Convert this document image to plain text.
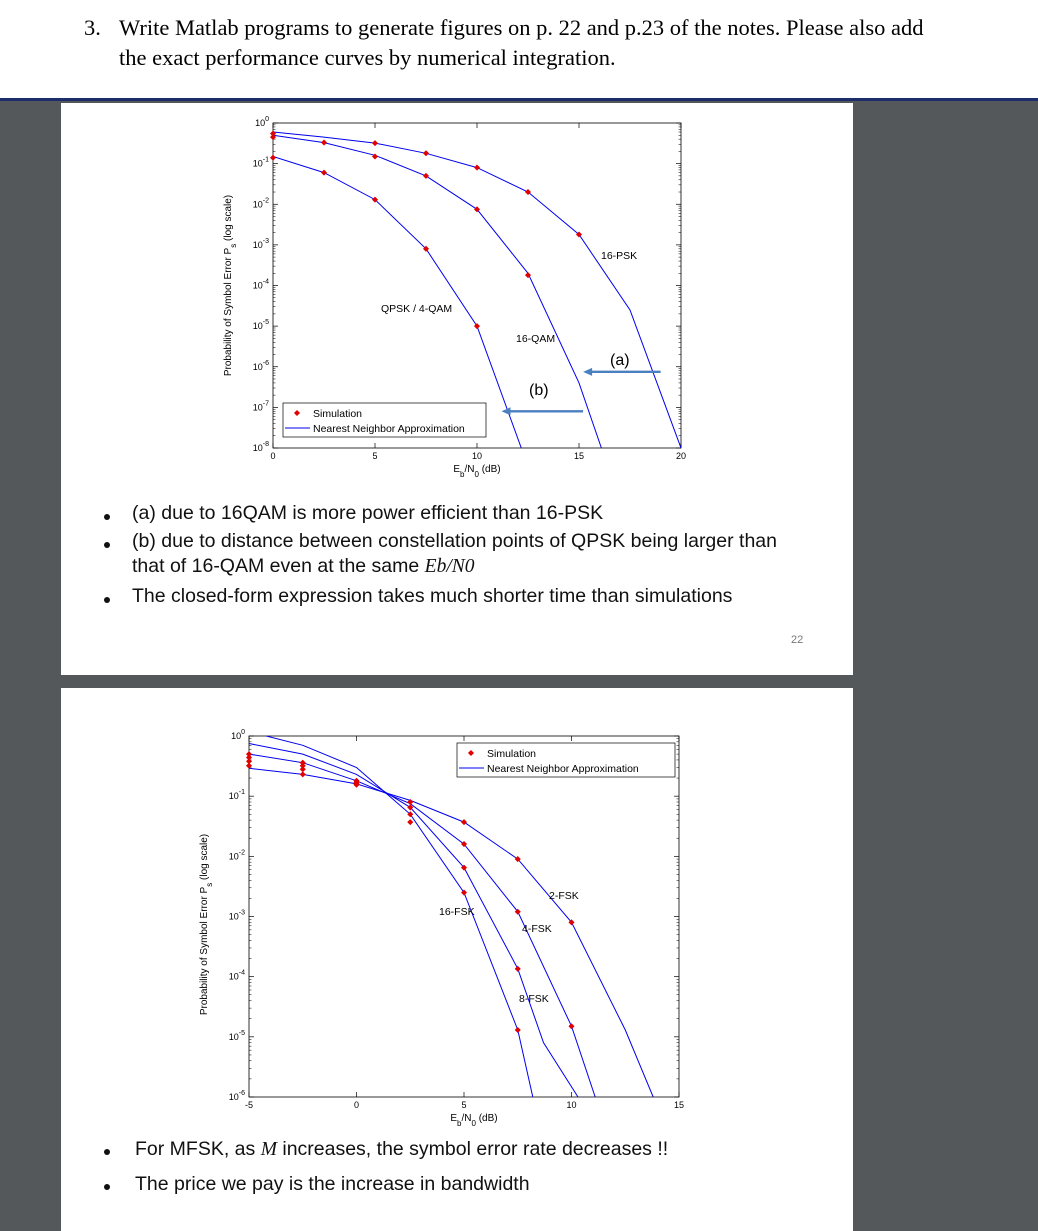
3. Write Matlab programs to generate figures on p. 22 and p.23 of the notes. Please also add
the exact performance curves by numerical integration.
$10^0$
$10^{-1}$
$10^{-2}$
$10^{-3}$
$10^{-4}$
$10^{-5}$
$10^{-6}$
$10^{-7}$
$10^{-8}$
0	5	10	15	20
$E_b/N_0$ (dB)
Probability of Symbol Error $P_s$ (log scale)
Simulation
Nearest Neighbor Approximation
QPSK / 4-QAM
16-QAM
16-PSK
(a)
(b)
(a) due to 16QAM is more power efficient than 16-PSK
(b) due to distance between constellation points of QPSK being larger than
that of 16-QAM even at the same Eb/N0
The closed-form expression takes much shorter time than simulations
22
$10^0$
$10^{-1}$
$10^{-2}$
$10^{-3}$
$10^{-4}$
$10^{-5}$
$10^{-6}$
-5	0	5	10	15
$E_b/N_0$ (dB)
Probability of Symbol Error $P_s$ (log scale)
Simulation
Nearest Neighbor Approximation
2-FSK
4-FSK
8-FSK
16-FSK
For MFSK, as M increases, the symbol error rate decreases !!
The price we pay is the increase in bandwidth
